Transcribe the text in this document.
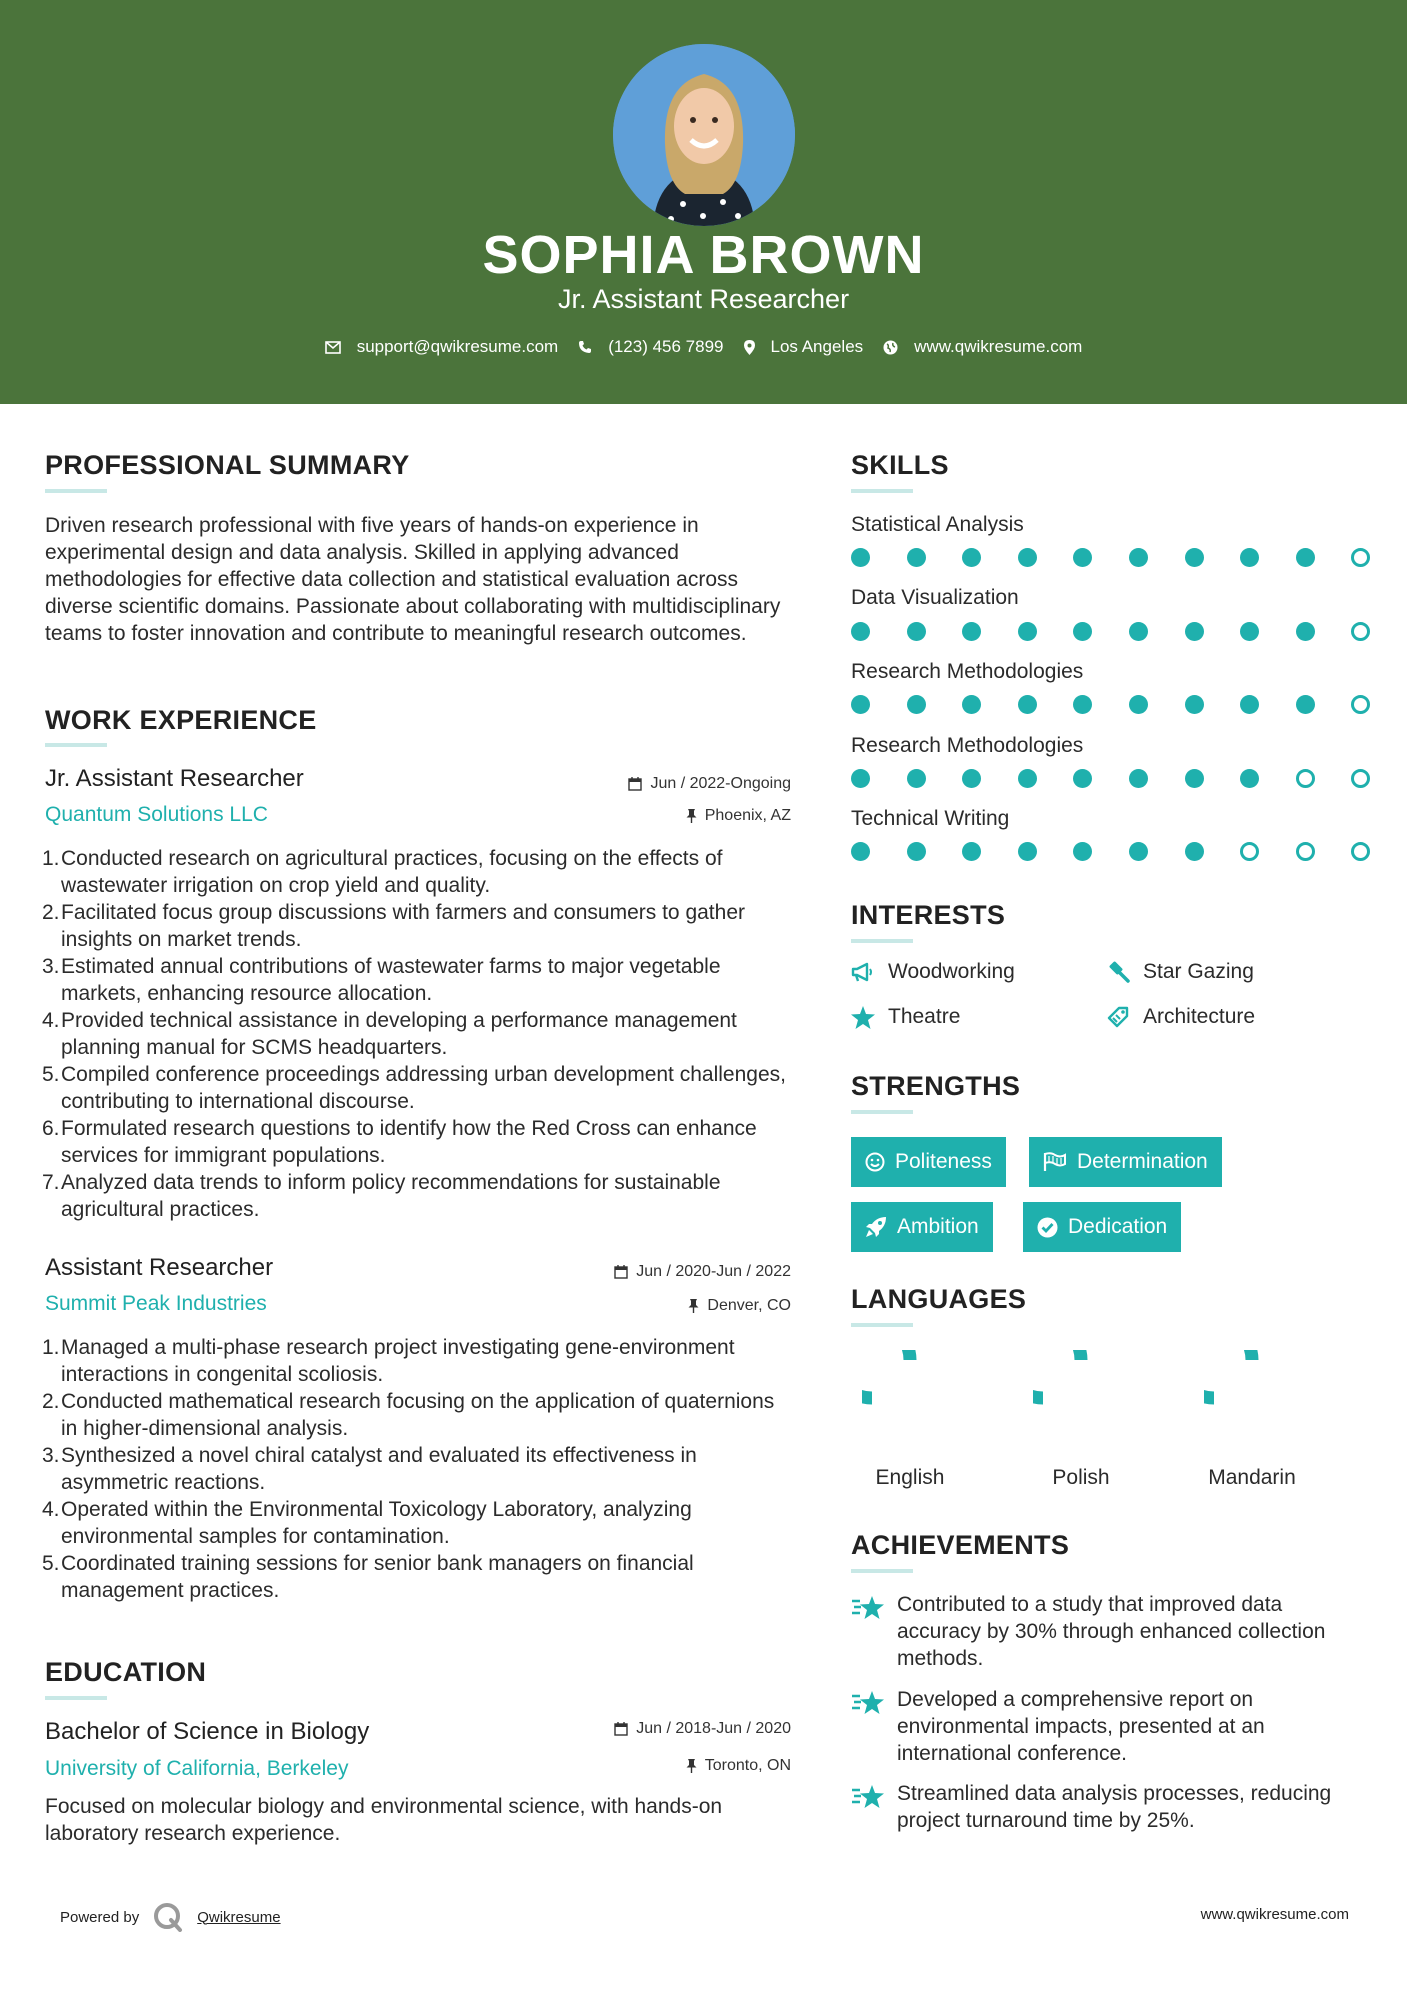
SOPHIA BROWN
Jr. Assistant Researcher
support@qwikresume.com	(123) 456 7899	Los Angeles	www.qwikresume.com
PROFESSIONAL SUMMARY
Driven research professional with five years of hands-on experience in experimental design and data analysis. Skilled in applying advanced methodologies for effective data collection and statistical evaluation across diverse scientific domains. Passionate about collaborating with multidisciplinary teams to foster innovation and contribute to meaningful research outcomes.
WORK EXPERIENCE
Jr. Assistant Researcher	Jun / 2022-Ongoing
Quantum Solutions LLC	Phoenix, AZ
1. Conducted research on agricultural practices, focusing on the effects of wastewater irrigation on crop yield and quality.
2. Facilitated focus group discussions with farmers and consumers to gather insights on market trends.
3. Estimated annual contributions of wastewater farms to major vegetable markets, enhancing resource allocation.
4. Provided technical assistance in developing a performance management planning manual for SCMS headquarters.
5. Compiled conference proceedings addressing urban development challenges, contributing to international discourse.
6. Formulated research questions to identify how the Red Cross can enhance services for immigrant populations.
7. Analyzed data trends to inform policy recommendations for sustainable agricultural practices.
Assistant Researcher	Jun / 2020-Jun / 2022
Summit Peak Industries	Denver, CO
1. Managed a multi-phase research project investigating gene-environment interactions in congenital scoliosis.
2. Conducted mathematical research focusing on the application of quaternions in higher-dimensional analysis.
3. Synthesized a novel chiral catalyst and evaluated its effectiveness in asymmetric reactions.
4. Operated within the Environmental Toxicology Laboratory, analyzing environmental samples for contamination.
5. Coordinated training sessions for senior bank managers on financial management practices.
EDUCATION
Bachelor of Science in Biology	Jun / 2018-Jun / 2020
University of California, Berkeley	Toronto, ON
Focused on molecular biology and environmental science, with hands-on laboratory research experience.
SKILLS
Statistical Analysis
Data Visualization
Research Methodologies
Research Methodologies
Technical Writing
INTERESTS
Woodworking	Star Gazing
Theatre	Architecture
STRENGTHS
Politeness	Determination
Ambition	Dedication
LANGUAGES
English	Polish	Mandarin
ACHIEVEMENTS
Contributed to a study that improved data accuracy by 30% through enhanced collection methods.
Developed a comprehensive report on environmental impacts, presented at an international conference.
Streamlined data analysis processes, reducing project turnaround time by 25%.
Powered by	Qwikresume	www.qwikresume.com
